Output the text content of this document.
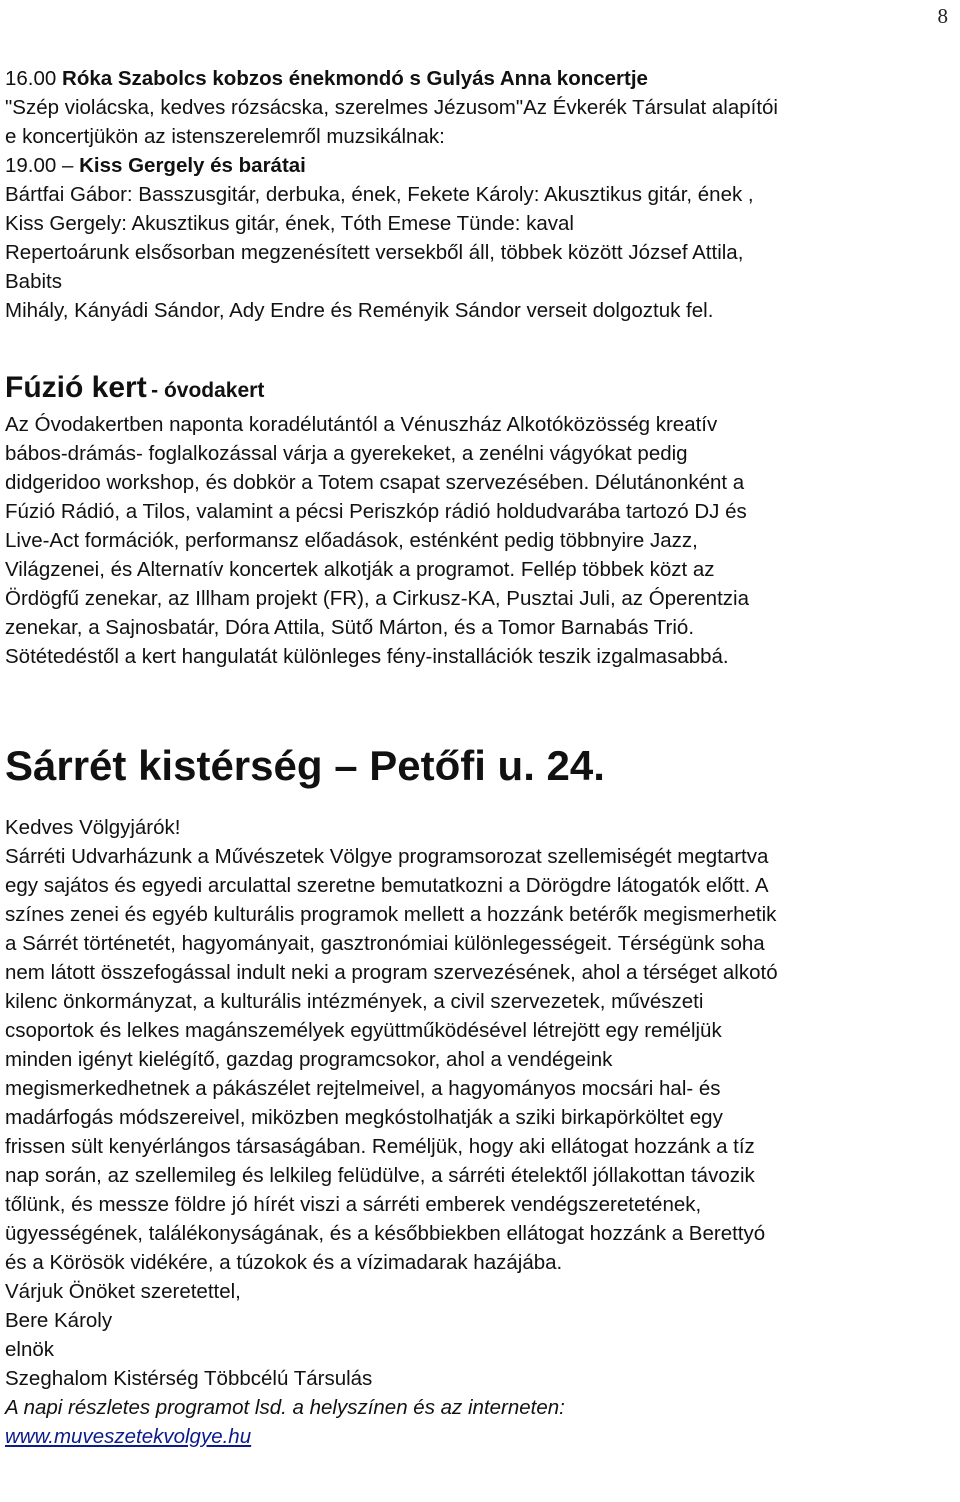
8
16.00 Róka Szabolcs kobzos énekmondó s Gulyás Anna koncertje
"Szép violácska, kedves rózsácska, szerelmes Jézusom"Az Évkerék Társulat alapítói
e koncertjükön az istenszerelemről muzsikálnak:
19.00 – Kiss Gergely és barátai
Bártfai Gábor: Basszusgitár, derbuka, ének, Fekete Károly: Akusztikus gitár, ének ,
Kiss Gergely: Akusztikus gitár, ének, Tóth Emese Tünde: kaval
Repertoárunk elsősorban megzenésített versekből áll, többek között József Attila,
Babits
Mihály, Kányádi Sándor, Ady Endre és Reményik Sándor verseit dolgoztuk fel.
Fúzió kert - óvodakert
Az Óvodakertben naponta koradélutántól a Vénuszház Alkotóközösség kreatív
bábos-drámás- foglalkozással várja a gyerekeket, a zenélni vágyókat pedig
didgeridoo workshop, és dobkör a Totem csapat szervezésében. Délutánonként a
Fúzió Rádió, a Tilos, valamint a pécsi Periszkóp rádió holdudvarába tartozó DJ és
Live-Act formációk, performansz előadások, esténként pedig többnyire Jazz,
Világzenei, és Alternatív koncertek alkotják a programot. Fellép többek közt az
Ördögfű zenekar, az Illham projekt (FR), a Cirkusz-KA, Pusztai Juli, az Óperentzia
zenekar, a Sajnosbatár, Dóra Attila, Sütő Márton, és a Tomor Barnabás Trió.
Sötétedéstől a kert hangulatát különleges fény-installációk teszik izgalmasabbá.
Sárrét kistérség – Petőfi u. 24.
Kedves Völgyjárók!
Sárréti Udvarházunk a Művészetek Völgye programsorozat szellemiségét megtartva
egy sajátos és egyedi arculattal szeretne bemutatkozni a Dörögdre látogatók előtt. A
színes zenei és egyéb kulturális programok mellett a hozzánk betérők megismerhetik
a Sárrét történetét, hagyományait, gasztronómiai különlegességeit. Térségünk soha
nem látott összefogással indult neki a program szervezésének, ahol a térséget alkotó
kilenc önkormányzat, a kulturális intézmények, a civil szervezetek, művészeti
csoportok és lelkes magánszemélyek együttműködésével létrejött egy reméljük
minden igényt kielégítő, gazdag programcsokor, ahol a vendégeink
megismerkedhetnek a pákászélet rejtelmeivel, a hagyományos mocsári hal- és
madárfogás módszereivel, miközben megkóstolhatják a sziki birkapörköltet egy
frissen sült kenyérlángos társaságában. Reméljük, hogy aki ellátogat hozzánk a tíz
nap során, az szellemileg és lelkileg felüdülve, a sárréti ételektől jóllakottan távozik
tőlünk, és messze földre jó hírét viszi a sárréti emberek vendégszeretetének,
ügyességének, találékonyságának, és a későbbiekben ellátogat hozzánk a Berettyó
és a Körösök vidékére, a túzokok és a vízimadarak hazájába.
Várjuk Önöket szeretettel,
Bere Károly
elnök
Szeghalom Kistérség Többcélú Társulás
A napi részletes programot lsd. a helyszínen és az interneten:
www.muveszetekvolgye.hu
